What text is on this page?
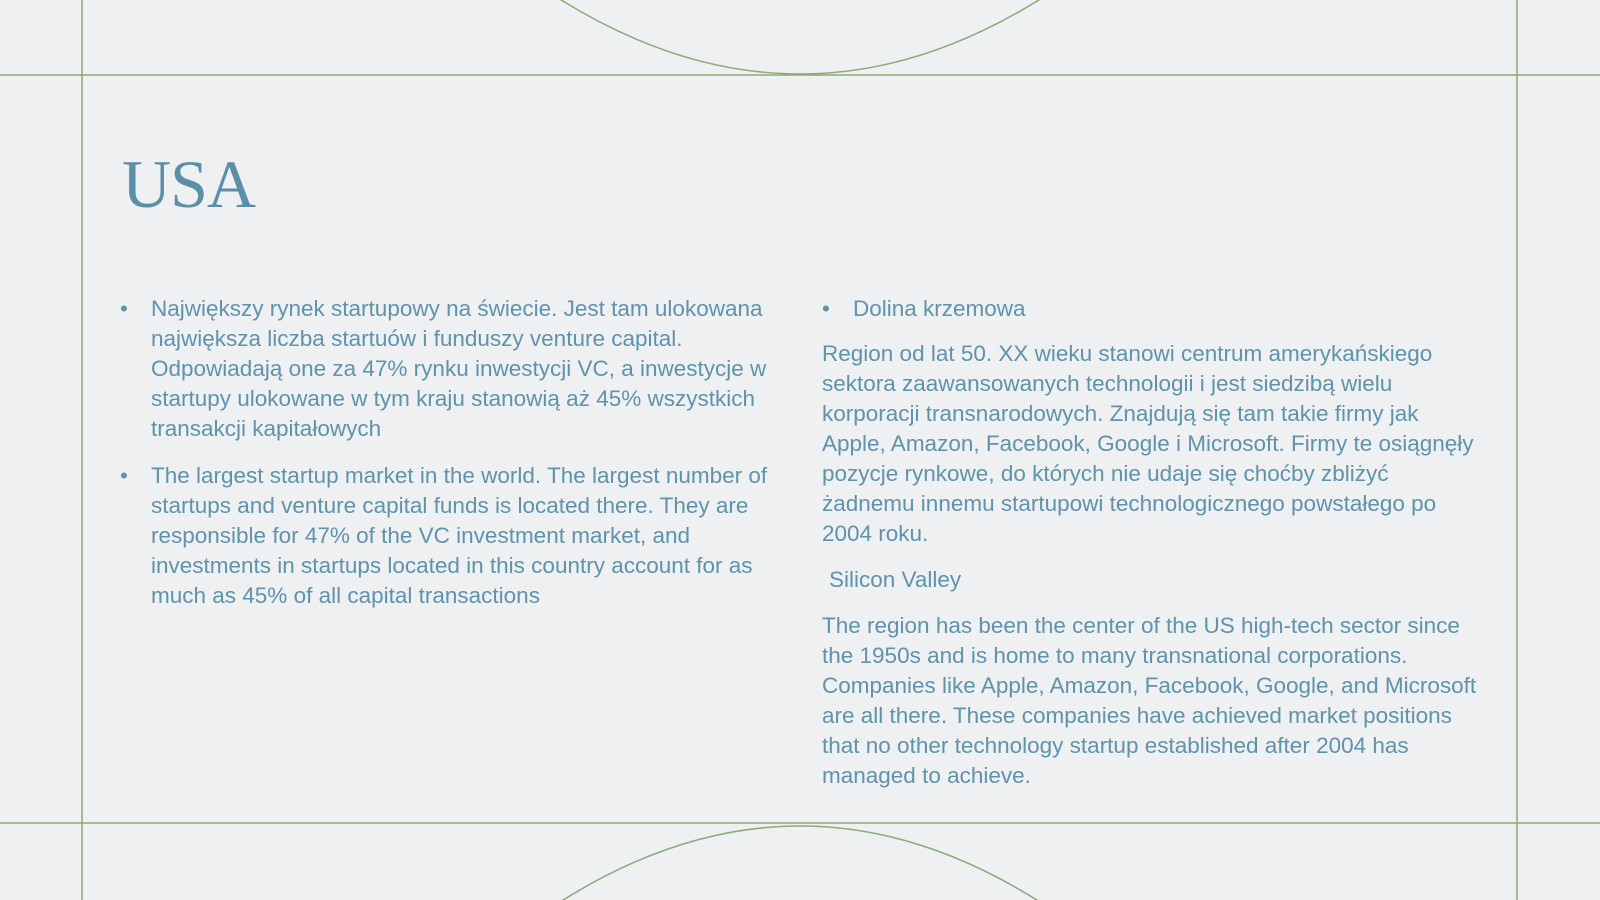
USA
• Największy rynek startupowy na świecie. Jest tam ulokowana największa liczba startuów i funduszy venture capital. Odpowiadają one za 47% rynku inwestycji VC, a inwestycje w startupy ulokowane w tym kraju stanowią aż 45% wszystkich transakcji kapitałowych
• The largest startup market in the world. The largest number of startups and venture capital funds is located there. They are responsible for 47% of the VC investment market, and investments in startups located in this country account for as much as 45% of all capital transactions
• Dolina krzemowa

Region od lat 50. XX wieku stanowi centrum amerykańskiego sektora zaawansowanych technologii i jest siedzibą wielu korporacji transnarodowych. Znajdują się tam takie firmy jak Apple, Amazon, Facebook, Google i Microsoft. Firmy te osiągnęły pozycje rynkowe, do których nie udaje się choćby zbliżyć żadnemu innemu startupowi technologicznego powstałego po 2004 roku.

Silicon Valley

The region has been the center of the US high-tech sector since the 1950s and is home to many transnational corporations. Companies like Apple, Amazon, Facebook, Google, and Microsoft are all there. These companies have achieved market positions that no other technology startup established after 2004 has managed to achieve.
